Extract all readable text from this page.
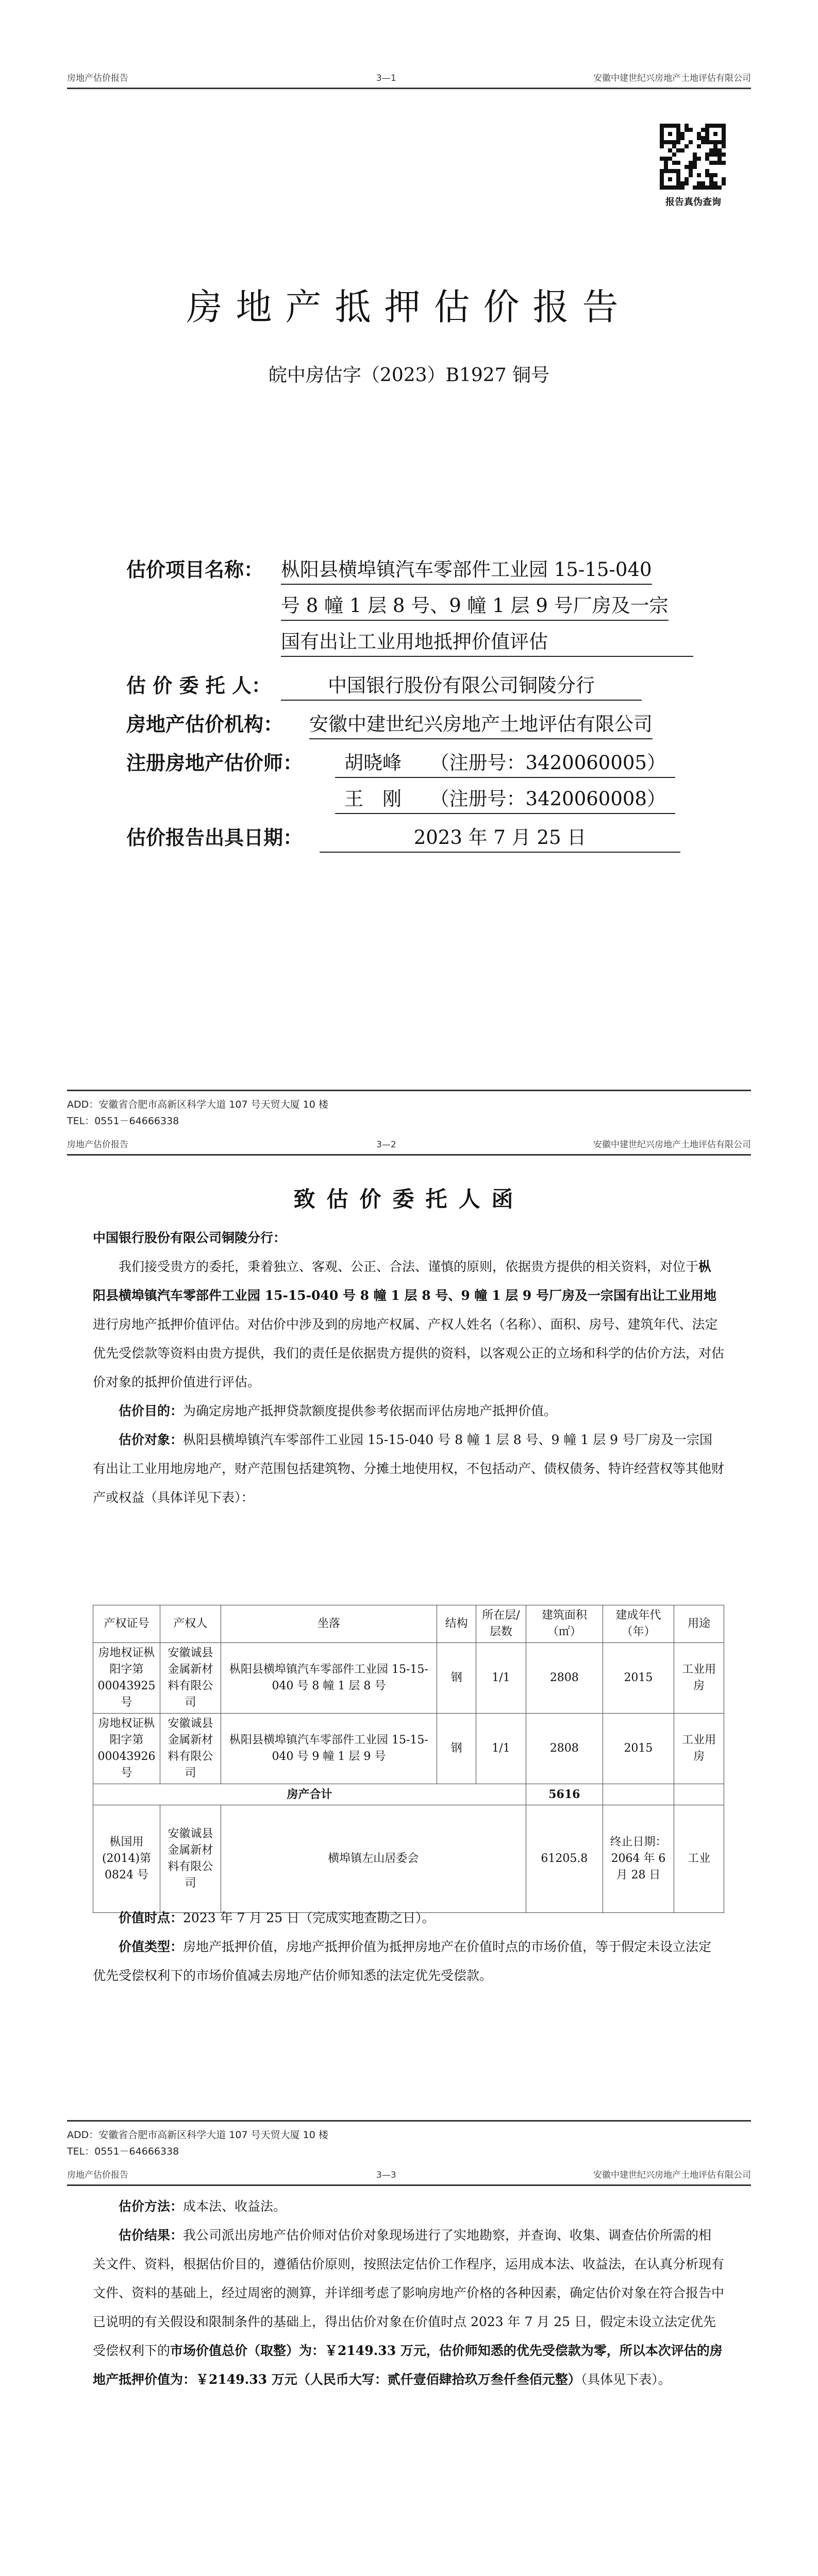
房地产估价报告	3—1	安徽中建世纪兴房地产土地评估有限公司
报告真伪查询
房地产抵押估价报告
皖中房估字（2023）B1927 铜号
估价项目名称： 枞阳县横埠镇汽车零部件工业园 15-15-040
号 8 幢 1 层 8 号、9 幢 1 层 9 号厂房及一宗
国有出让工业用地抵押价值评估
估 价 委 托 人：	中国银行股份有限公司铜陵分行
房地产估价机构： 安徽中建世纪兴房地产土地评估有限公司
注册房地产估价师：	胡晓峰　　（注册号：3420060005）
王　刚　　（注册号：3420060008）
估价报告出具日期：	2023 年 7 月 25 日
ADD：安徽省合肥市高新区科学大道 107 号天贸大厦 10 楼
TEL：0551－64666338
房地产估价报告	3—2	安徽中建世纪兴房地产土地评估有限公司
致估价委托人函
中国银行股份有限公司铜陵分行：

我们接受贵方的委托，秉着独立、客观、公正、合法、谨慎的原则，依据贵方提供的相关资料，对位于枞阳县横埠镇汽车零部件工业园 15-15-040 号 8 幢 1 层 8 号、9 幢 1 层 9 号厂房及一宗国有出让工业用地进行房地产抵押价值评估。对估价中涉及到的房地产权属、产权人姓名（名称）、面积、房号、建筑年代、法定优先受偿款等资料由贵方提供，我们的责任是依据贵方提供的资料，以客观公正的立场和科学的估价方法，对估价对象的抵押价值进行评估。

估价目的：为确定房地产抵押贷款额度提供参考依据而评估房地产抵押价值。

估价对象：枞阳县横埠镇汽车零部件工业园 15-15-040 号 8 幢 1 层 8 号、9 幢 1 层 9 号厂房及一宗国有出让工业用地房地产，财产范围包括建筑物、分摊土地使用权，不包括动产、债权债务、特许经营权等其他财产或权益（具体详见下表）：

产权证号	产权人	坐落	结构	所在层/层数	建筑面积（㎡）	建成年代（年）	用途
房地权证枞阳字第 00043925 号	安徽诚县金属新材料有限公司	枞阳县横埠镇汽车零部件工业园 15-15-040 号 8 幢 1 层 8 号	钢	1/1	2808	2015	工业用房
房地权证枞阳字第 00043926 号	安徽诚县金属新材料有限公司	枞阳县横埠镇汽车零部件工业园 15-15-040 号 9 幢 1 层 9 号	钢	1/1	2808	2015	工业用房
房产合计					5616		
枞国用(2014)第 0824 号	安徽诚县金属新材料有限公司	横埠镇左山居委会			61205.8	终止日期：2064 年 6 月 28 日	工业

价值时点：2023 年 7 月 25 日（完成实地查勘之日）。

价值类型：房地产抵押价值，房地产抵押价值为抵押房地产在价值时点的市场价值，等于假定未设立法定优先受偿权利下的市场价值减去房地产估价师知悉的法定优先受偿款。

ADD：安徽省合肥市高新区科学大道 107 号天贸大厦 10 楼
TEL：0551－64666338
房地产估价报告	3—3	安徽中建世纪兴房地产土地评估有限公司

估价方法：成本法、收益法。

估价结果：我公司派出房地产估价师对估价对象现场进行了实地勘察，并查询、收集、调查估价所需的相关文件、资料，根据估价目的，遵循估价原则，按照法定估价工作程序，运用成本法、收益法，在认真分析现有文件、资料的基础上，经过周密的测算，并详细考虑了影响房地产价格的各种因素，确定估价对象在符合报告中已说明的有关假设和限制条件的基础上，得出估价对象在价值时点 2023 年 7 月 25 日，假定未设立法定优先受偿权利下的市场价值总价（取整）为：￥2149.33 万元，估价师知悉的优先受偿款为零，所以本次评估的房地产抵押价值为：￥2149.33 万元（人民币大写：贰仟壹佰肆拾玖万叁仟叁佰元整）（具体见下表）。
